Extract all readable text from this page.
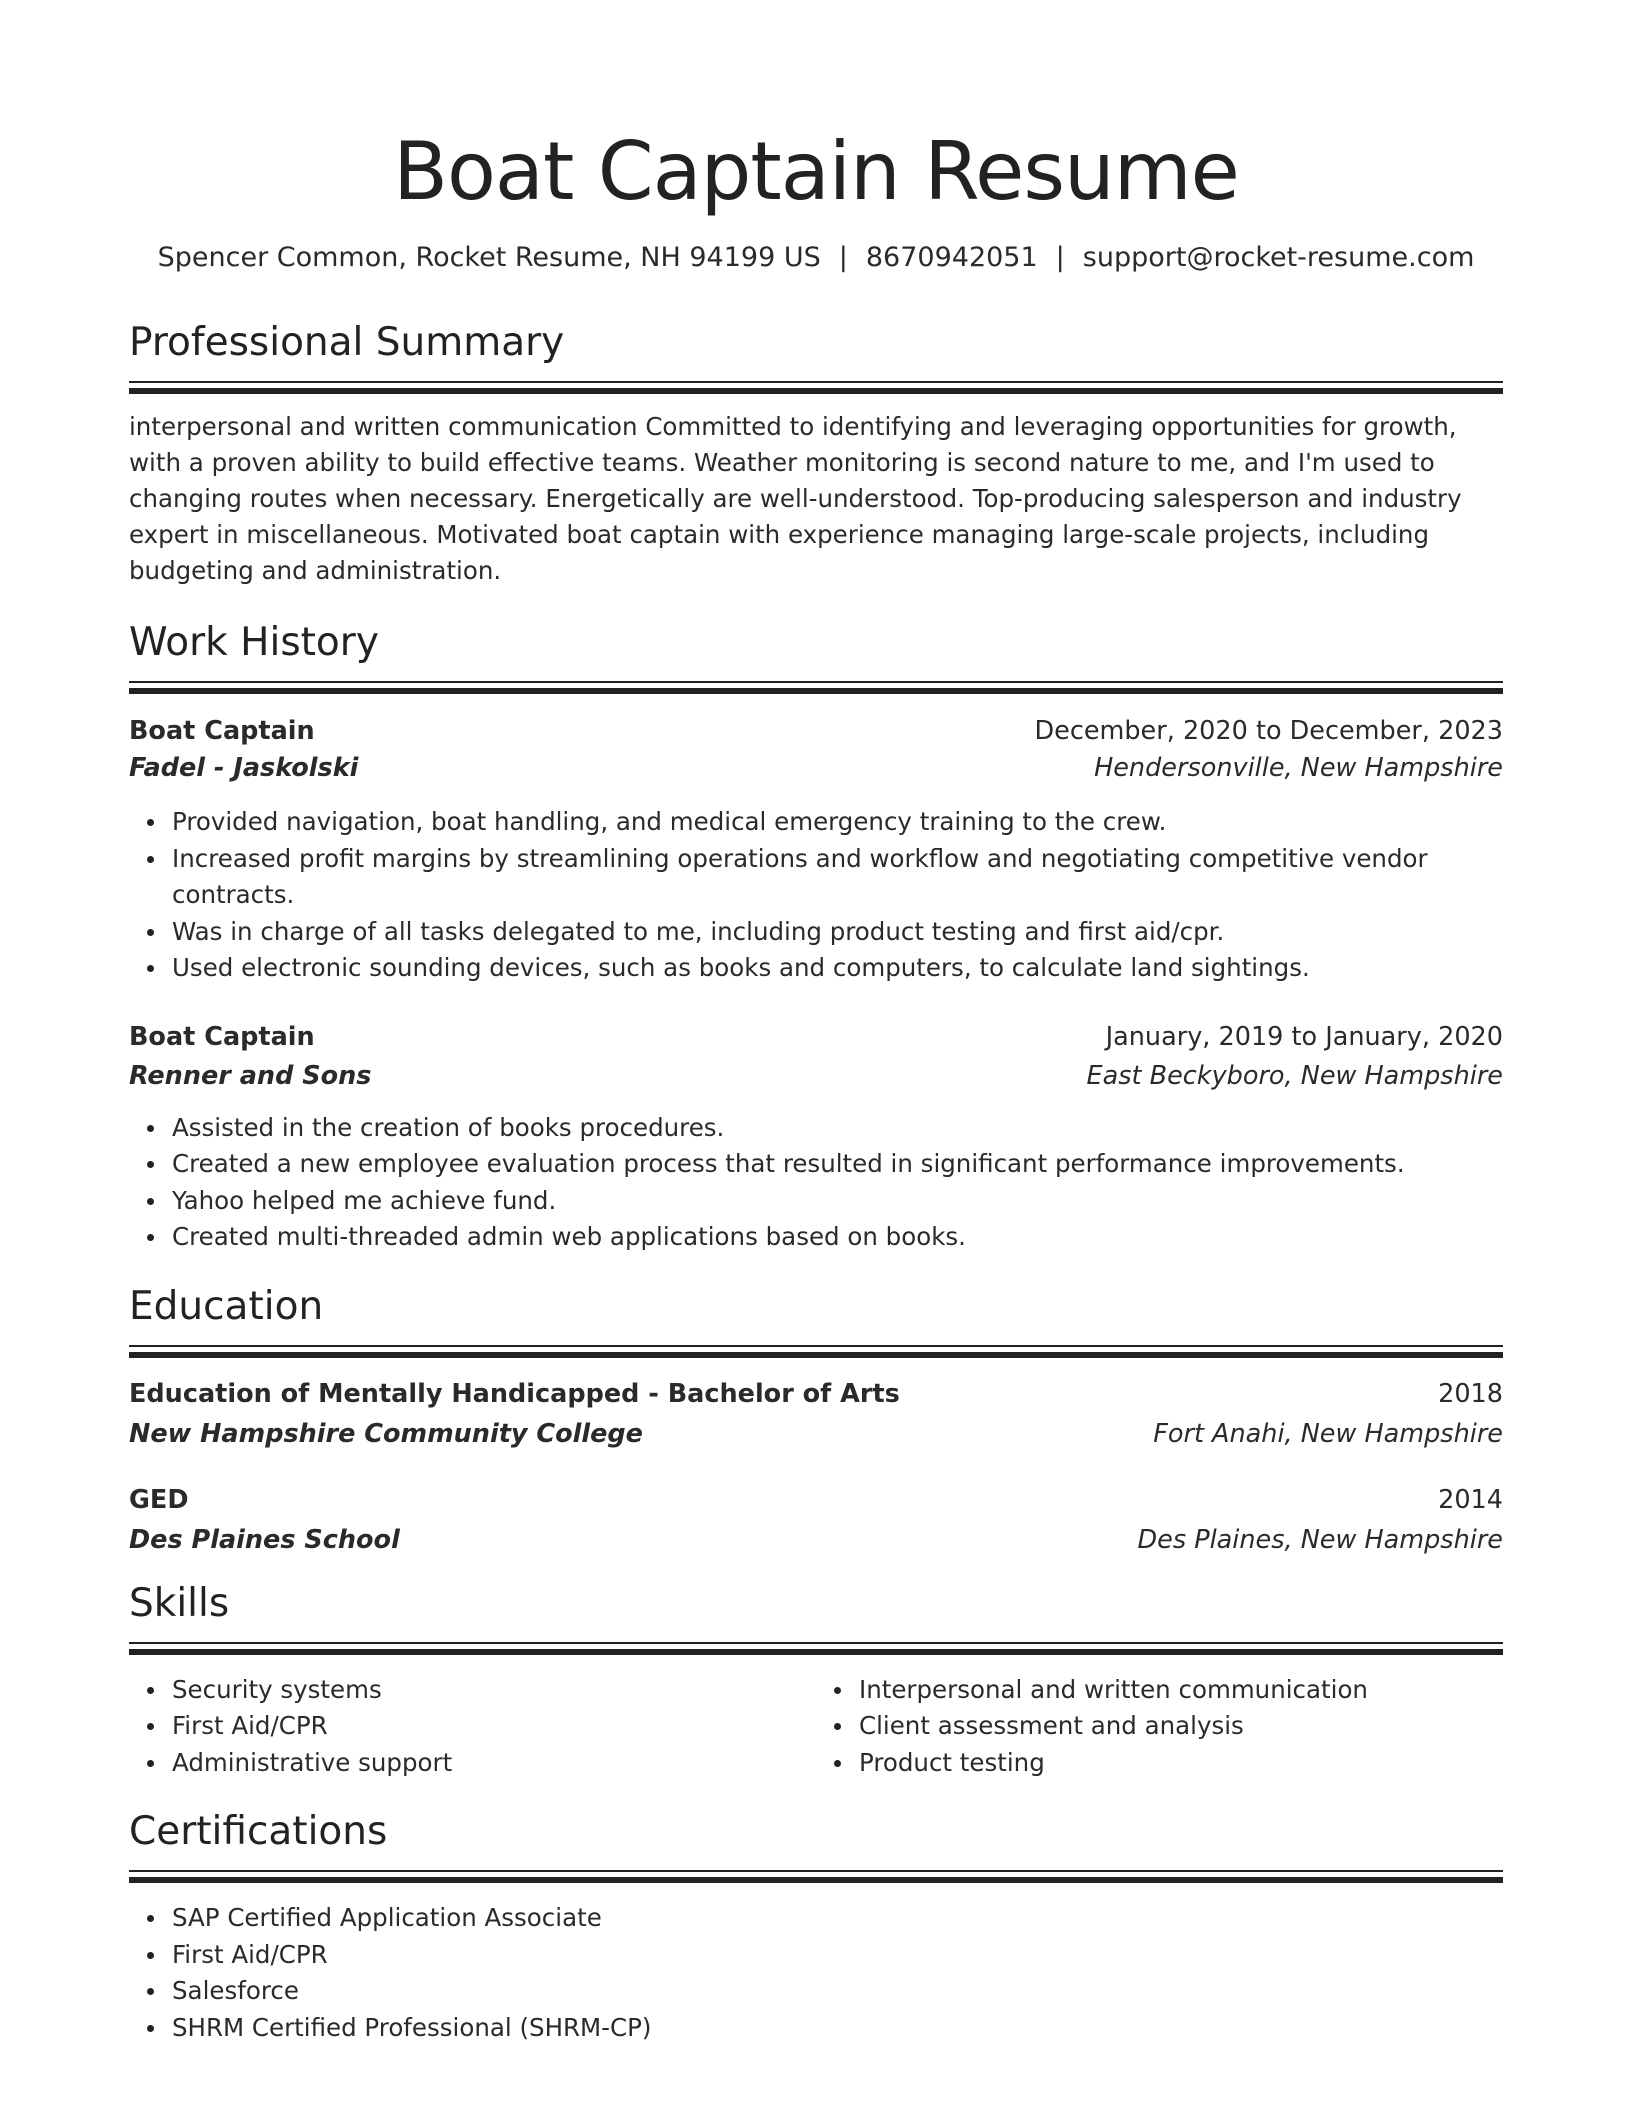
Boat Captain Resume
Spencer Common, Rocket Resume, NH 94199 US | 8670942051 | support@rocket-resume.com
Professional Summary
interpersonal and written communication Committed to identifying and leveraging opportunities for growth, with a proven ability to build effective teams. Weather monitoring is second nature to me, and I'm used to changing routes when necessary. Energetically are well-understood. Top-producing salesperson and industry expert in miscellaneous. Motivated boat captain with experience managing large-scale projects, including budgeting and administration.
Work History
Boat Captain	December, 2020 to December, 2023
Fadel - Jaskolski	Hendersonville, New Hampshire
Provided navigation, boat handling, and medical emergency training to the crew.
Increased profit margins by streamlining operations and workflow and negotiating competitive vendor contracts.
Was in charge of all tasks delegated to me, including product testing and first aid/cpr.
Used electronic sounding devices, such as books and computers, to calculate land sightings.
Boat Captain	January, 2019 to January, 2020
Renner and Sons	East Beckyboro, New Hampshire
Assisted in the creation of books procedures.
Created a new employee evaluation process that resulted in significant performance improvements.
Yahoo helped me achieve fund.
Created multi-threaded admin web applications based on books.
Education
Education of Mentally Handicapped - Bachelor of Arts	2018
New Hampshire Community College	Fort Anahi, New Hampshire
GED	2014
Des Plaines School	Des Plaines, New Hampshire
Skills
Security systems
First Aid/CPR
Administrative support
Interpersonal and written communication
Client assessment and analysis
Product testing
Certifications
SAP Certified Application Associate
First Aid/CPR
Salesforce
SHRM Certified Professional (SHRM-CP)
